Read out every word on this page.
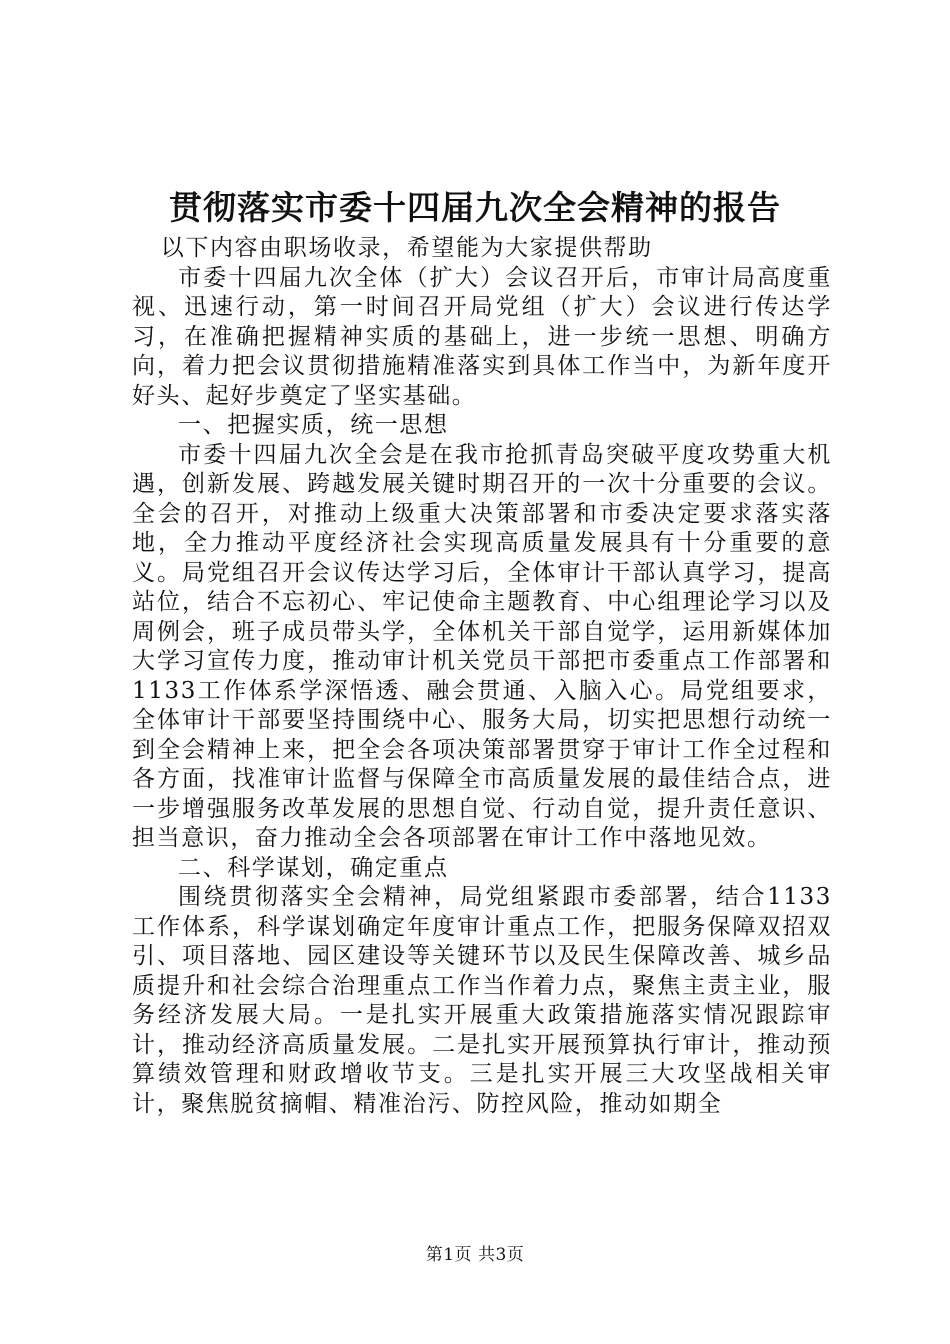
贯彻落实市委十四届九次全会精神的报告

以下内容由职场收录，希望能为大家提供帮助

市委十四届九次全体（扩大）会议召开后，市审计局高度重视、迅速行动，第一时间召开局党组（扩大）会议进行传达学习，在准确把握精神实质的基础上，进一步统一思想、明确方向，着力把会议贯彻措施精准落实到具体工作当中，为新年度开好头、起好步奠定了坚实基础。

一、把握实质，统一思想

市委十四届九次全会是在我市抢抓青岛突破平度攻势重大机遇，创新发展、跨越发展关键时期召开的一次十分重要的会议。全会的召开，对推动上级重大决策部署和市委决定要求落实落地，全力推动平度经济社会实现高质量发展具有十分重要的意义。局党组召开会议传达学习后，全体审计干部认真学习，提高站位，结合不忘初心、牢记使命主题教育、中心组理论学习以及周例会，班子成员带头学，全体机关干部自觉学，运用新媒体加大学习宣传力度，推动审计机关党员干部把市委重点工作部署和1133工作体系学深悟透、融会贯通、入脑入心。局党组要求，全体审计干部要坚持围绕中心、服务大局，切实把思想行动统一到全会精神上来，把全会各项决策部署贯穿于审计工作全过程和各方面，找准审计监督与保障全市高质量发展的最佳结合点，进一步增强服务改革发展的思想自觉、行动自觉，提升责任意识、担当意识，奋力推动全会各项部署在审计工作中落地见效。

二、科学谋划，确定重点

围绕贯彻落实全会精神，局党组紧跟市委部署，结合1133工作体系，科学谋划确定年度审计重点工作，把服务保障双招双引、项目落地、园区建设等关键环节以及民生保障改善、城乡品质提升和社会综合治理重点工作当作着力点，聚焦主责主业，服务经济发展大局。一是扎实开展重大政策措施落实情况跟踪审计，推动经济高质量发展。二是扎实开展预算执行审计，推动预算绩效管理和财政增收节支。三是扎实开展三大攻坚战相关审计，聚焦脱贫摘帽、精准治污、防控风险，推动如期全

第1页 共3页
